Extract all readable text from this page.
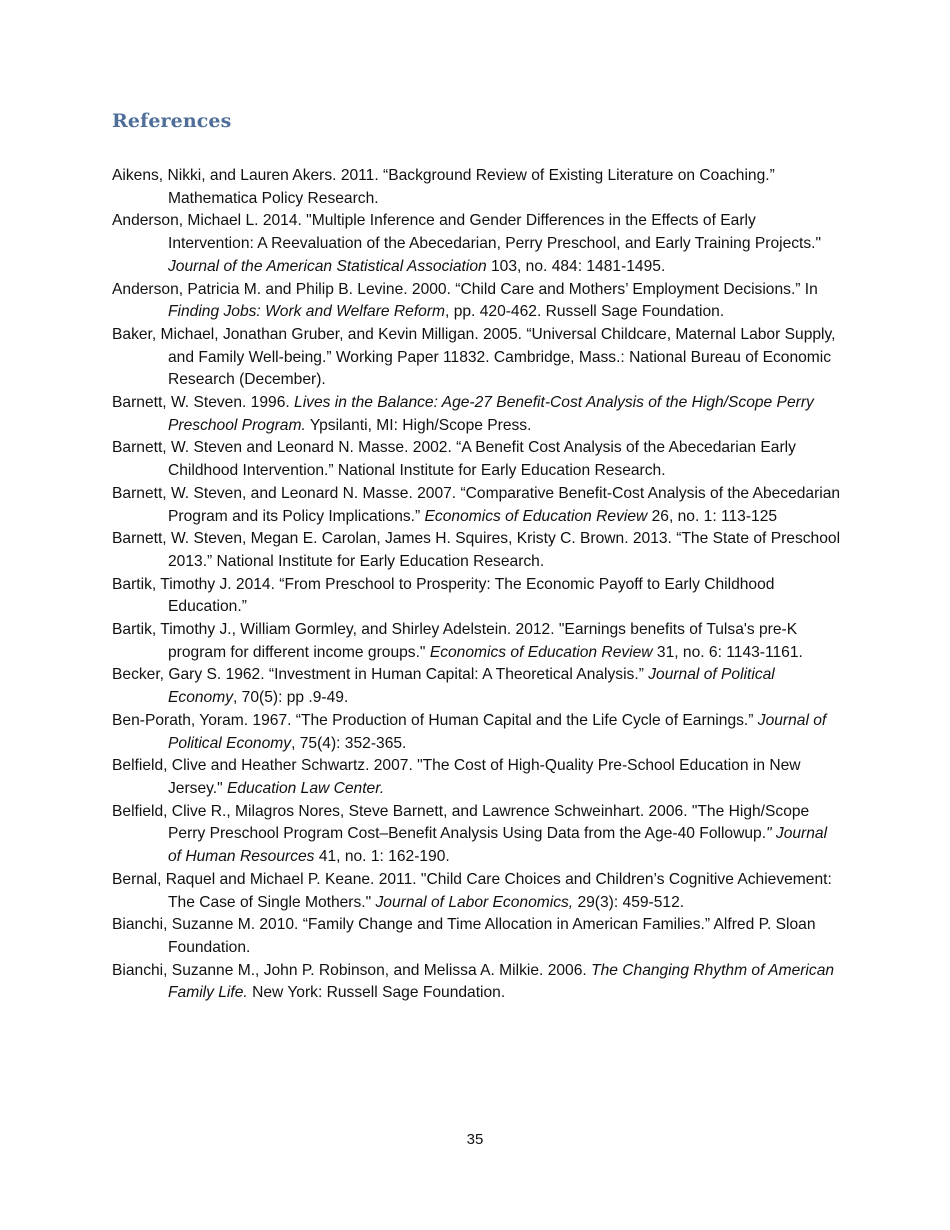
References

Aikens, Nikki, and Lauren Akers. 2011. “Background Review of Existing Literature on Coaching.” Mathematica Policy Research.

Anderson, Michael L. 2014. "Multiple Inference and Gender Differences in the Effects of Early Intervention: A Reevaluation of the Abecedarian, Perry Preschool, and Early Training Projects." Journal of the American Statistical Association 103, no. 484: 1481-1495.

Anderson, Patricia M. and Philip B. Levine. 2000. “Child Care and Mothers’ Employment Decisions.” In Finding Jobs: Work and Welfare Reform, pp. 420-462. Russell Sage Foundation.

Baker, Michael, Jonathan Gruber, and Kevin Milligan. 2005. “Universal Childcare, Maternal Labor Supply, and Family Well-being.” Working Paper 11832. Cambridge, Mass.: National Bureau of Economic Research (December).

Barnett, W. Steven. 1996. Lives in the Balance: Age-27 Benefit-Cost Analysis of the High/Scope Perry Preschool Program. Ypsilanti, MI: High/Scope Press.

Barnett, W. Steven and Leonard N. Masse. 2002. “A Benefit Cost Analysis of the Abecedarian Early Childhood Intervention.” National Institute for Early Education Research.

Barnett, W. Steven, and Leonard N. Masse. 2007. “Comparative Benefit-Cost Analysis of the Abecedarian Program and its Policy Implications.” Economics of Education Review 26, no. 1: 113-125

Barnett, W. Steven, Megan E. Carolan, James H. Squires, Kristy C. Brown. 2013. “The State of Preschool 2013.” National Institute for Early Education Research.

Bartik, Timothy J. 2014. “From Preschool to Prosperity: The Economic Payoff to Early Childhood Education.”

Bartik, Timothy J., William Gormley, and Shirley Adelstein. 2012. "Earnings benefits of Tulsa's pre-K program for different income groups." Economics of Education Review 31, no. 6: 1143-1161.

Becker, Gary S. 1962. “Investment in Human Capital: A Theoretical Analysis.” Journal of Political Economy, 70(5): pp .9-49.

Ben-Porath, Yoram. 1967. “The Production of Human Capital and the Life Cycle of Earnings.” Journal of Political Economy, 75(4): 352-365.

Belfield, Clive and Heather Schwartz. 2007. "The Cost of High-Quality Pre-School Education in New Jersey." Education Law Center.

Belfield, Clive R., Milagros Nores, Steve Barnett, and Lawrence Schweinhart. 2006. "The High/Scope Perry Preschool Program Cost–Benefit Analysis Using Data from the Age-40 Followup." Journal of Human Resources 41, no. 1: 162-190.

Bernal, Raquel and Michael P. Keane. 2011. "Child Care Choices and Children’s Cognitive Achievement: The Case of Single Mothers." Journal of Labor Economics, 29(3): 459-512.

Bianchi, Suzanne M. 2010. “Family Change and Time Allocation in American Families.” Alfred P. Sloan Foundation.

Bianchi, Suzanne M., John P. Robinson, and Melissa A. Milkie. 2006. The Changing Rhythm of American Family Life. New York: Russell Sage Foundation.

35
